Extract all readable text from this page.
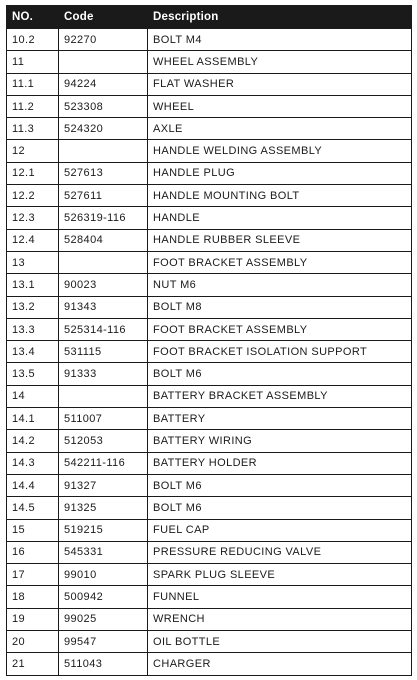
NO.	Code	Description
10.2	92270	BOLT M4
11		WHEEL ASSEMBLY
11.1	94224	FLAT WASHER
11.2	523308	WHEEL
11.3	524320	AXLE
12		HANDLE WELDING ASSEMBLY
12.1	527613	HANDLE PLUG
12.2	527611	HANDLE MOUNTING BOLT
12.3	526319-116	HANDLE
12.4	528404	HANDLE RUBBER SLEEVE
13		FOOT BRACKET ASSEMBLY
13.1	90023	NUT M6
13.2	91343	BOLT M8
13.3	525314-116	FOOT BRACKET ASSEMBLY
13.4	531115	FOOT BRACKET ISOLATION SUPPORT
13.5	91333	BOLT M6
14		BATTERY BRACKET ASSEMBLY
14.1	511007	BATTERY
14.2	512053	BATTERY WIRING
14.3	542211-116	BATTERY HOLDER
14.4	91327	BOLT M6
14.5	91325	BOLT M6
15	519215	FUEL CAP
16	545331	PRESSURE REDUCING VALVE
17	99010	SPARK PLUG SLEEVE
18	500942	FUNNEL
19	99025	WRENCH
20	99547	OIL BOTTLE
21	511043	CHARGER
